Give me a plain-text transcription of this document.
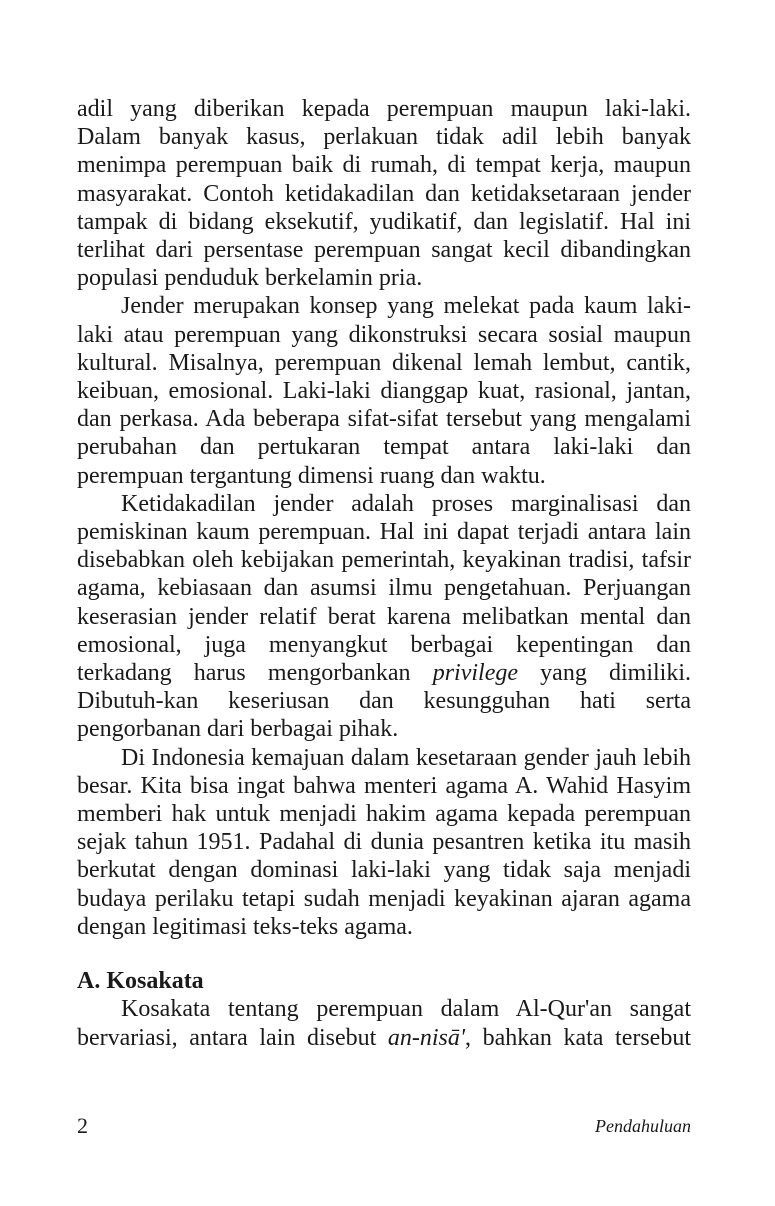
adil yang diberikan kepada perempuan maupun laki-laki. Dalam banyak kasus, perlakuan tidak adil lebih banyak menimpa perempuan baik di rumah, di tempat kerja, maupun masyarakat. Contoh ketidakadilan dan ketidaksetaraan jender tampak di bidang eksekutif, yudikatif, dan legislatif. Hal ini terlihat dari persentase perempuan sangat kecil dibandingkan populasi penduduk berkelamin pria.

Jender merupakan konsep yang melekat pada kaum laki-laki atau perempuan yang dikonstruksi secara sosial maupun kultural. Misalnya, perempuan dikenal lemah lembut, cantik, keibuan, emosional. Laki-laki dianggap kuat, rasional, jantan, dan perkasa. Ada beberapa sifat-sifat tersebut yang mengalami perubahan dan pertukaran tempat antara laki-laki dan perempuan tergantung dimensi ruang dan waktu.

Ketidakadilan jender adalah proses marginalisasi dan pemiskinan kaum perempuan. Hal ini dapat terjadi antara lain disebabkan oleh kebijakan pemerintah, keyakinan tradisi, tafsir agama, kebiasaan dan asumsi ilmu pengetahuan. Perjuangan keserasian jender relatif berat karena melibatkan mental dan emosional, juga menyangkut berbagai kepentingan dan terkadang harus mengorbankan privilege yang dimiliki. Dibutuh-kan keseriusan dan kesungguhan hati serta pengorbanan dari berbagai pihak.

Di Indonesia kemajuan dalam kesetaraan gender jauh lebih besar. Kita bisa ingat bahwa menteri agama A. Wahid Hasyim memberi hak untuk menjadi hakim agama kepada perempuan sejak tahun 1951. Padahal di dunia pesantren ketika itu masih berkutat dengan dominasi laki-laki yang tidak saja menjadi budaya perilaku tetapi sudah menjadi keyakinan ajaran agama dengan legitimasi teks-teks agama.

A. Kosakata

Kosakata tentang perempuan dalam Al-Qur'an sangat bervariasi, antara lain disebut an-nisā', bahkan kata tersebut

2	Pendahuluan
